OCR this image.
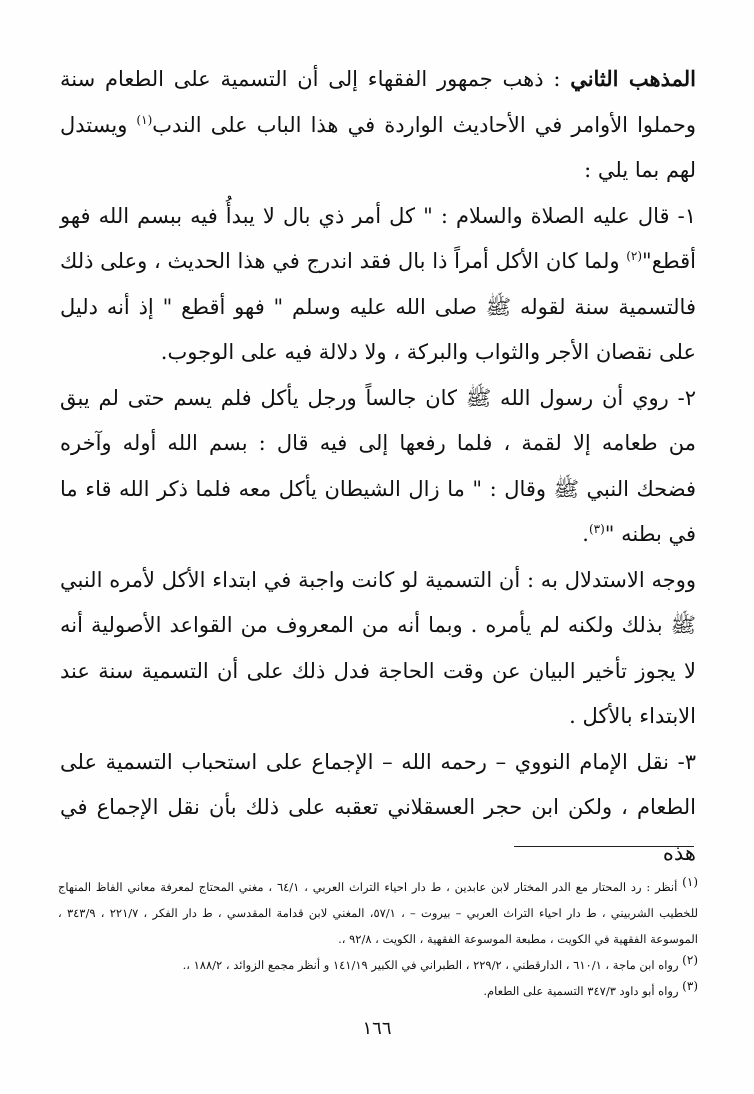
المذهب الثاني : ذهب جمهور الفقهاء إلى أن التسمية على الطعام سنة وحملوا الأوامر في الأحاديث الواردة في هذا الباب على الندب$^{(١)}$ ويستدل لهم بما يلي :

١- قال عليه الصلاة والسلام : " كل أمر ذي بال لا يبدأُ فيه ببسم الله فهو أقطع"$^{(٢)}$ ولما كان الأكل أمراً ذا بال فقد اندرج في هذا الحديث ، وعلى ذلك فالتسمية سنة لقوله ﷺ صلى الله عليه وسلم " فهو أقطع " إذ أنه دليل على نقصان الأجر والثواب والبركة ، ولا دلالة فيه على الوجوب.

٢- روي أن رسول الله ﷺ كان جالساً ورجل يأكل فلم يسم حتى لم يبق من طعامه إلا لقمة ، فلما رفعها إلى فيه قال : بسم الله أوله وآخره فضحك النبي ﷺ وقال : " ما زال الشيطان يأكل معه فلما ذكر الله قاء ما في بطنه "$^{(٣)}$.

ووجه الاستدلال به : أن التسمية لو كانت واجبة في ابتداء الأكل لأمره النبي ﷺ بذلك ولكنه لم يأمره . وبما أنه من المعروف من القواعد الأصولية أنه لا يجوز تأخير البيان عن وقت الحاجة فدل ذلك على أن التسمية سنة عند الابتداء بالأكل .

٣- نقل الإمام النووي – رحمه الله – الإجماع على استحباب التسمية على الطعام ، ولكن ابن حجر العسقلاني تعقبه على ذلك بأن نقل الإجماع في هذه

$^{(١)}$ أنظر : رد المحتار مع الدر المختار لابن عابدين ، ط دار احياء التراث العربي ، ٦٤/١ ، مغني المحتاج لمعرفة معاني الفاظ المنهاج للخطيب الشربيني ، ط دار احياء التراث العربي – بيروت – ، ٥٧/١، المغني لابن قدامة المقدسي ، ط دار الفكر ، ٢٢١/٧ ، ٣٤٣/٩ ، الموسوعة الفقهية في الكويت ، مطبعة الموسوعة الفقهية ، الكويت ، ٩٢/٨ ،.

$^{(٢)}$ رواه ابن ماجة ، ٦١٠/١ ، الدارقطني ، ٢٢٩/٢ ، الطبراني في الكبير ١٤١/١٩ و أنظر مجمع الزوائد ، ١٨٨/٢ ،.

$^{(٣)}$ رواه أبو داود ٣٤٧/٣ التسمية على الطعام.

١٦٦
